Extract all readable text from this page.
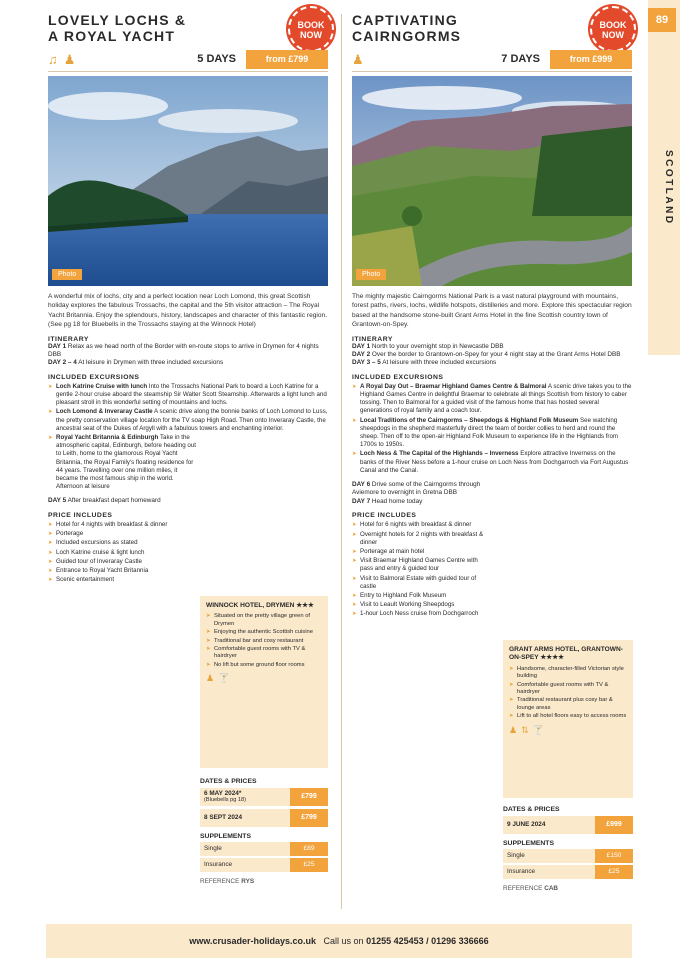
89
SCOTLAND
LOVELY LOCHS &
A ROYAL YACHT
BOOK
NOW
♫ ♟	5 DAYS	from £799
Photo

A wonderful mix of lochs, city and a perfect location near Loch Lomond, this great Scottish holiday explores the fabulous Trossachs, the capital and the 5th visitor attraction – The Royal Yacht Britannia. Enjoy the splendours, history, landscapes and character of this fantastic region. (See pg 18 for Bluebells in the Trossachs staying at the Winnock Hotel)

ITINERARY

DAY 1 Relax as we head north of the Border with en-route stops to arrive in Drymen for 4 nights DBB

DAY 2 – 4 At leisure in Drymen with three included excursions

INCLUDED EXCURSIONS
➤ Loch Katrine Cruise with lunch Into the Trossachs National Park to board a Loch Katrine for a gentle 2-hour cruise aboard the steamship Sir Walter Scott Steamship. Afterwards a light lunch and pleasant stroll in this wonderful setting of mountains and lochs.
➤ Loch Lomond & Inveraray Castle A scenic drive along the bonnie banks of Loch Lomond to Luss, the pretty conservation village location for the TV soap High Road. Then onto Inveraray Castle, the ancestral seat of the Dukes of Argyll with a fabulous towers and enchanting interior.
➤ Royal Yacht Britannia & Edinburgh Take in the atmospheric capital, Edinburgh, before heading out to Leith, home to the glamorous Royal Yacht Britannia, the Royal Family's floating residence for 44 years. Travelling over one million miles, it became the most famous ship in the world. Afternoon at leisure

DAY 5 After breakfast depart homeward

PRICE INCLUDES
➤ Hotel for 4 nights with breakfast & dinner
➤ Porterage
➤ Included excursions as stated
➤ Loch Katrine cruise & light lunch
➤ Guided tour of Inveraray Castle
➤ Entrance to Royal Yacht Britannia
➤ Scenic entertainment
WINNOCK HOTEL, DRYMEN ★★★
➤ Situated on the pretty village green of Drymen
➤ Enjoying the authentic Scottish cuisine
➤ Traditional bar and cosy restaurant
➤ Comfortable guest rooms with TV & hairdryer
➤ No lift but some ground floor rooms
♟ 🍸
DATES & PRICES
6 MAY 2024*
(Bluebells pg 18)	£799
8 SEPT 2024	£799
SUPPLEMENTS
Single	£89
Insurance	£25
REFERENCE RYS
CAPTIVATING
CAIRNGORMS
BOOK
NOW
♟	7 DAYS	from £999
Photo

The mighty majestic Cairngorms National Park is a vast natural playground with mountains, forest paths, rivers, lochs, wildlife hotspots, distilleries and more. Explore this spectacular region based at the handsome stone-built Grant Arms Hotel in the fine Scottish country town of Grantown-on-Spey.

ITINERARY

DAY 1 North to your overnight stop in Newcastle DBB

DAY 2 Over the border to Grantown-on-Spey for your 4 night stay at the Grant Arms Hotel DBB

DAY 3 – 5 At leisure with three included excursions

INCLUDED EXCURSIONS
➤ A Royal Day Out – Braemar Highland Games Centre & Balmoral A scenic drive takes you to the Highland Games Centre in delightful Braemar to celebrate all things Scottish from history to caber tossing. Then to Balmoral for a guided visit of the famous home that has hosted several generations of royal family and a coach tour.
➤ Local Traditions of the Cairngorms – Sheepdogs & Highland Folk Museum See watching sheepdogs in the shepherd masterfully direct the team of border collies to herd and round the sheep. Then off to the open-air Highland Folk Museum to experience life in the Highlands from 1700s to 1950s.
➤ Loch Ness & The Capital of the Highlands – Inverness Explore attractive Inverness on the banks of the River Ness before a 1-hour cruise on Loch Ness from Dochgarroch via Fort Augustus Canal and the Canal.

DAY 6 Drive some of the Cairngorms through Aviemore to overnight in Gretna DBB

DAY 7 Head home today

PRICE INCLUDES
➤ Hotel for 6 nights with breakfast & dinner
➤ Overnight hotels for 2 nights with breakfast & dinner
➤ Porterage at main hotel
➤ Visit Braemar Highland Games Centre with pass and entry & guided tour
➤ Visit to Balmoral Estate with guided tour of castle
➤ Entry to Highland Folk Museum
➤ Visit to Leault Working Sheepdogs
➤ 1-hour Loch Ness cruise from Dochgarroch
GRANT ARMS HOTEL, GRANTOWN-ON-SPEY ★★★★
➤ Handsome, character-filled Victorian style building
➤ Comfortable guest rooms with TV & hairdryer
➤ Traditional restaurant plus cosy bar & lounge areas
➤ Lift to all hotel floors easy to access rooms
♟ ⇅ 🍸
DATES & PRICES
9 JUNE 2024	£999
SUPPLEMENTS
Single	£150
Insurance	£25
REFERENCE CAB
www.crusader-holidays.co.uk Call us on 01255 425453 / 01296 336666
